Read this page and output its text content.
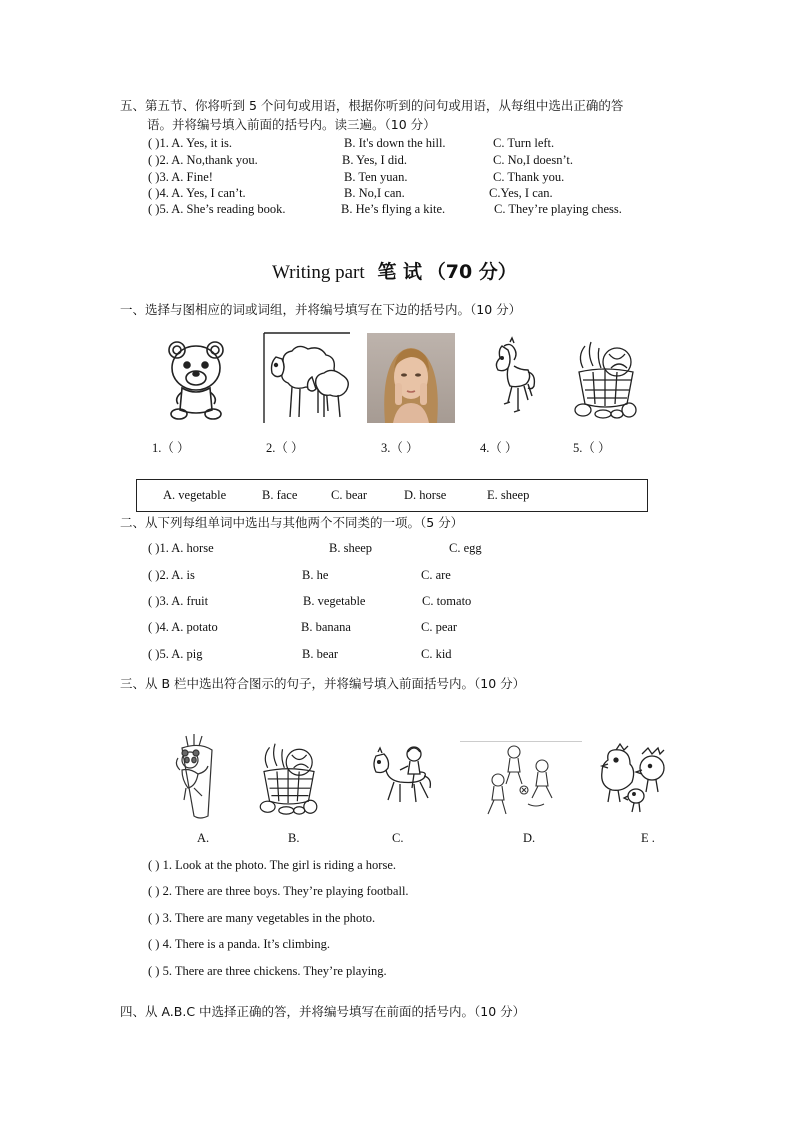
五、第五节、你将听到 5 个问句或用语，根据你听到的问句或用语，从每组中选出正确的答
语。并将编号填入前面的括号内。读三遍。（10 分）
( )1. A. Yes, it is.	B. It's down the hill.	C. Turn left.
( )2. A. No,thank you.	B. Yes, I did.	C. No,I doesn’t.
( )3. A. Fine!	B. Ten yuan.	C. Thank you.
( )4. A. Yes, I can’t.	B. No,I can.	C.Yes, I can.
( )5. A. She’s reading book.	B. He’s flying a kite.	C. They’re playing chess.
Writing part 笔 试 （70 分）
一、选择与图相应的词或词组，并将编号填写在下边的括号内。（10 分）
1.（ ）	2.（ ）	3.（ ）	4.（ ）	5.（ ）
A. vegetable	B. face	C. bear	D. horse	E. sheep
二、从下列每组单词中选出与其他两个不同类的一项。（5 分）
( )1. A. horse	B. sheep	C. egg
( )2. A. is	B. he	C. are
( )3. A. fruit	B. vegetable	C. tomato
( )4. A. potato	B. banana	C. pear
( )5. A. pig	B. bear	C. kid
三、从 B 栏中选出符合图示的句子，并将编号填入前面括号内。（10 分）
A.	B.	C.	D.	E .
( ) 1. Look at the photo. The girl is riding a horse.
( ) 2. There are three boys. They’re playing football.
( ) 3. There are many vegetables in the photo.
( ) 4. There is a panda. It’s climbing.
( ) 5. There are three chickens. They’re playing.
四、从 A.B.C 中选择正确的答，并将编号填写在前面的括号内。（10 分）
